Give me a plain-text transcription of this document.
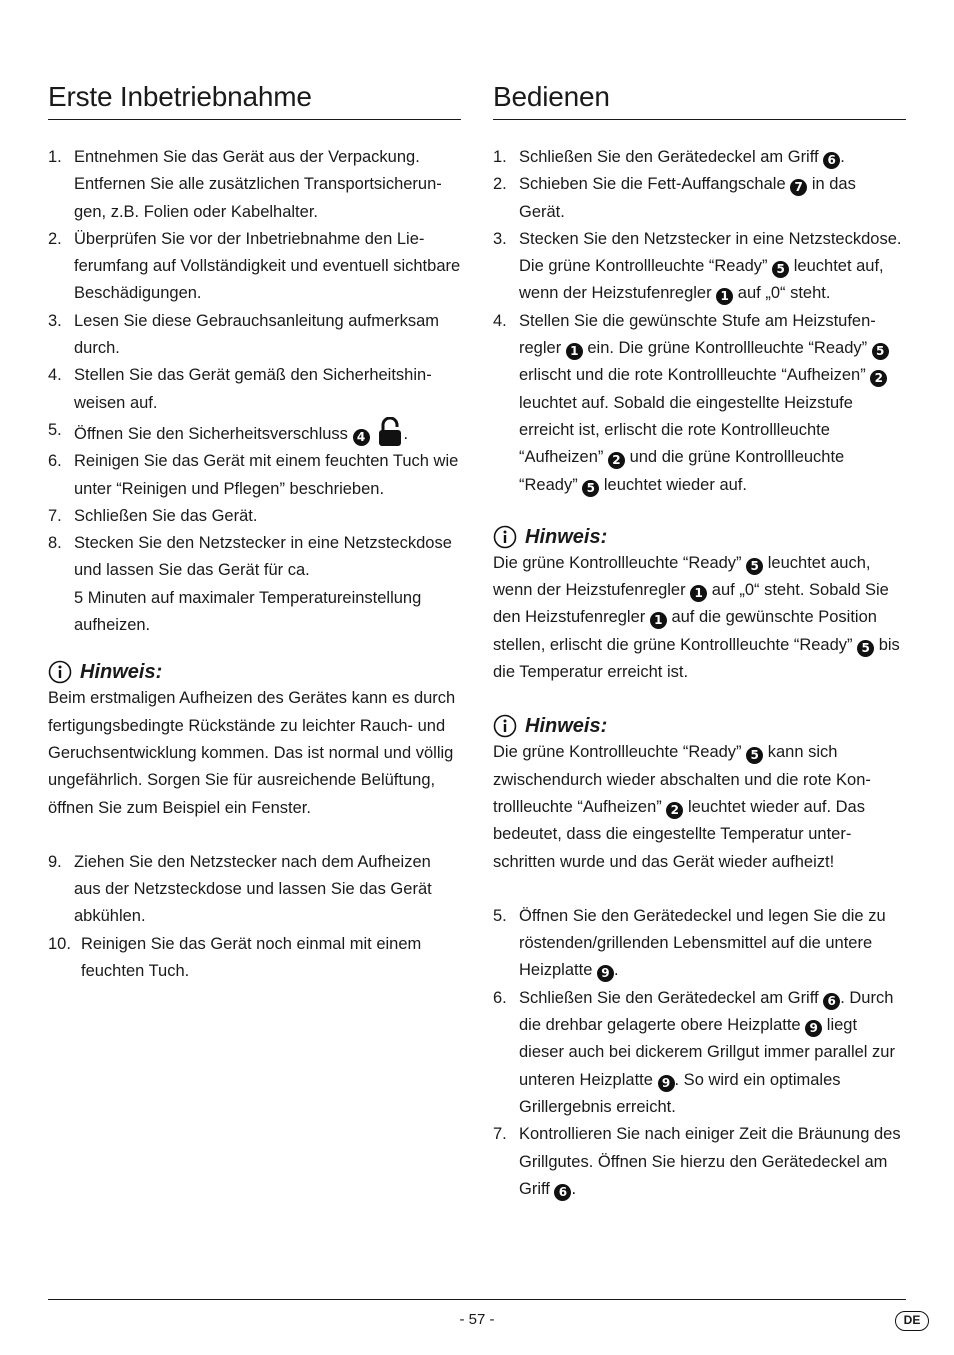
Erste Inbetriebnahme
1. Entnehmen Sie das Gerät aus der Verpackung. Entfernen Sie alle zusätzlichen Transportsicherungen, z.B. Folien oder Kabelhalter.
2. Überprüfen Sie vor der Inbetriebnahme den Lieferumfang auf Vollständigkeit und eventuell sichtbare Beschädigungen.
3. Lesen Sie diese Gebrauchsanleitung aufmerksam durch.
4. Stellen Sie das Gerät gemäß den Sicherheitshinweisen auf.
5. Öffnen Sie den Sicherheitsverschluss 4 .
6. Reinigen Sie das Gerät mit einem feuchten Tuch wie unter “Reinigen und Pflegen” beschrieben.
7. Schließen Sie das Gerät.
8. Stecken Sie den Netzstecker in eine Netzsteckdose und lassen Sie das Gerät für ca.
5 Minuten auf maximaler Temperatureinstellung aufheizen.
Hinweis:

Beim erstmaligen Aufheizen des Gerätes kann es durch fertigungsbedingte Rückstände zu leichter Rauch- und Geruchsentwicklung kommen. Das ist normal und völlig ungefährlich. Sorgen Sie für ausreichende Belüftung, öffnen Sie zum Beispiel ein Fenster.

9. Ziehen Sie den Netzstecker nach dem Aufheizen aus der Netzsteckdose und lassen Sie das Gerät abkühlen.
10. Reinigen Sie das Gerät noch einmal mit einem feuchten Tuch.
Bedienen
1. Schließen Sie den Gerätedeckel am Griff 6 .
2. Schieben Sie die Fett-Auffangschale 7 in das Gerät.
3. Stecken Sie den Netzstecker in eine Netzsteckdose. Die grüne Kontrollleuchte “Ready” 5 leuchtet auf, wenn der Heizstufenregler 1 auf „0“ steht.
4. Stellen Sie die gewünschte Stufe am Heizstufenregler 1 ein. Die grüne Kontrollleuchte “Ready” 5 erlischt und die rote Kontrollleuchte “Aufheizen” 2 leuchtet auf. Sobald die eingestellte Heizstufe erreicht ist, erlischt die rote Kontrollleuchte “Aufheizen” 2 und die grüne Kontrollleuchte “Ready” 5 leuchtet wieder auf.
Hinweis:

Die grüne Kontrollleuchte “Ready” 5 leuchtet auch, wenn der Heizstufenregler 1 auf „0“ steht. Sobald Sie den Heizstufenregler 1 auf die gewünschte Position stellen, erlischt die grüne Kontrollleuchte “Ready” 5 bis die Temperatur erreicht ist.

Hinweis:

Die grüne Kontrollleuchte “Ready” 5 kann sich zwischendurch wieder abschalten und die rote Kontrollleuchte “Aufheizen” 2 leuchtet wieder auf. Das bedeutet, dass die eingestellte Temperatur unterschritten wurde und das Gerät wieder aufheizt!

5. Öffnen Sie den Gerätedeckel und legen Sie die zu röstenden/grillenden Lebensmittel auf die untere Heizplatte 9 .
6. Schließen Sie den Gerätedeckel am Griff 6 . Durch die drehbar gelagerte obere Heizplatte 9 liegt dieser auch bei dickerem Grillgut immer parallel zur unteren Heizplatte 9 . So wird ein optimales Grillergebnis erreicht.
7. Kontrollieren Sie nach einiger Zeit die Bräunung des Grillgutes. Öffnen Sie hierzu den Gerätedeckel am Griff 6 .
- 57 -	DE
